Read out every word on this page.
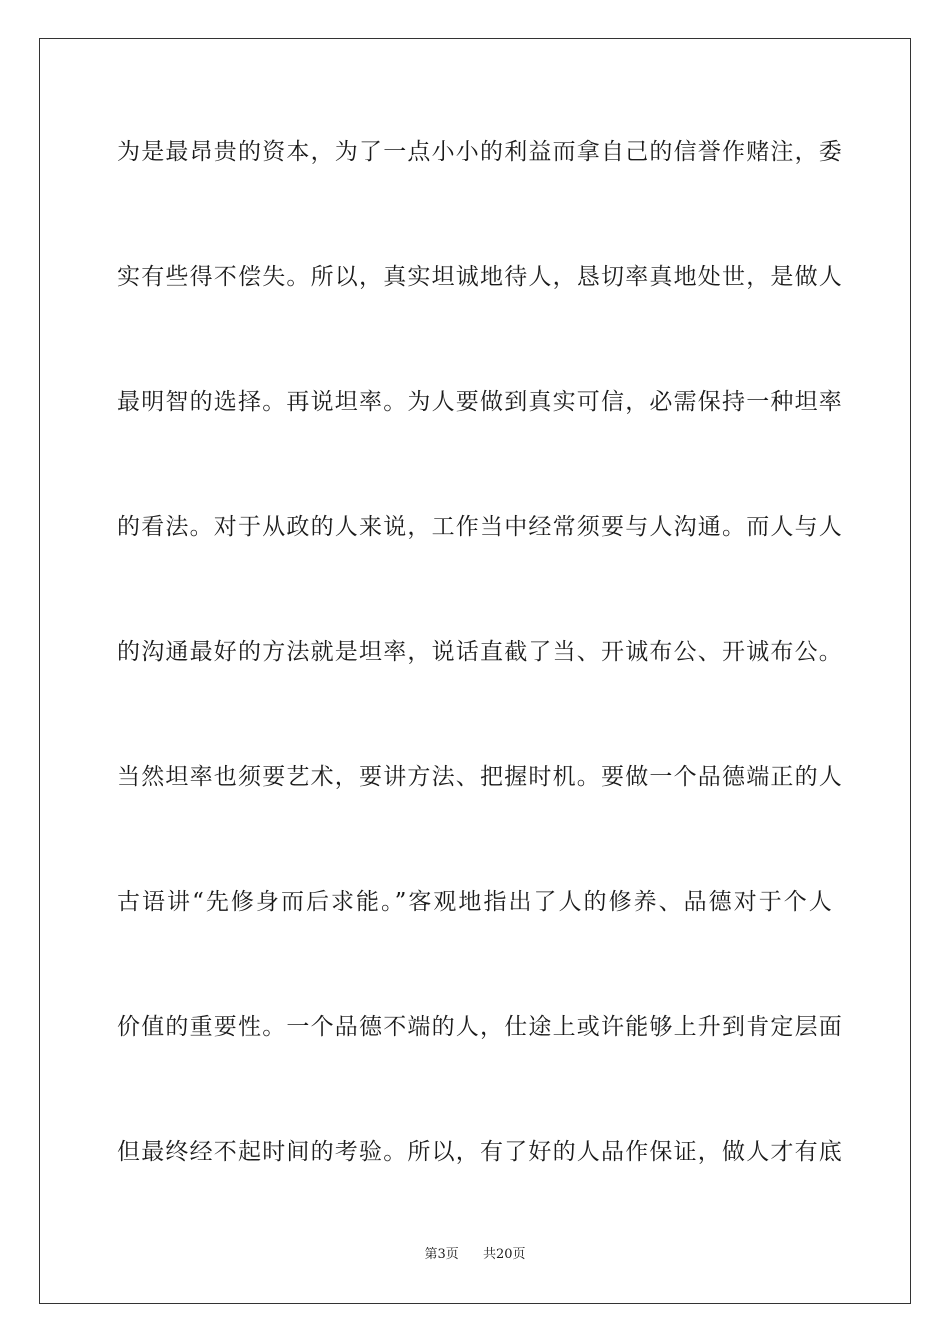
为是最昂贵的资本，为了一点小小的利益而拿自己的信誉作赌注，委
实有些得不偿失。所以，真实坦诚地待人，恳切率真地处世，是做人
最明智的选择。再说坦率。为人要做到真实可信，必需保持一种坦率
的看法。对于从政的人来说，工作当中经常须要与人沟通。而人与人
的沟通最好的方法就是坦率，说话直截了当、开诚布公、开诚布公。
当然坦率也须要艺术，要讲方法、把握时机。要做一个品德端正的人
古语讲“先修身而后求能。”客观地指出了人的修养、品德对于个人
价值的重要性。一个品德不端的人，仕途上或许能够上升到肯定层面
但最终经不起时间的考验。所以，有了好的人品作保证，做人才有底
第3页 共20页
